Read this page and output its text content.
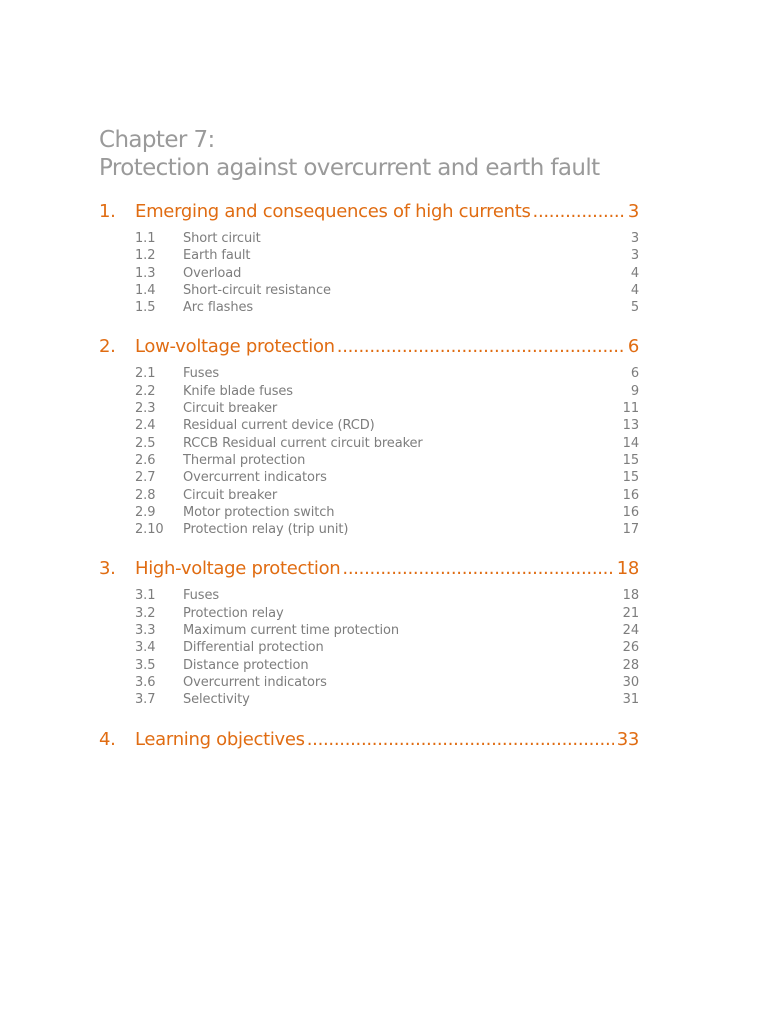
Chapter 7:
Protection against overcurrent and earth fault
1.	Emerging and consequences of high currents .....	3
1.1	Short circuit	3
1.2	Earth fault	3
1.3	Overload	4
1.4	Short-circuit resistance	4
1.5	Arc flashes	5
2.	Low-voltage protection .....	6
2.1	Fuses	6
2.2	Knife blade fuses	9
2.3	Circuit breaker	11
2.4	Residual current device (RCD)	13
2.5	RCCB Residual current circuit breaker	14
2.6	Thermal protection	15
2.7	Overcurrent indicators	15
2.8	Circuit breaker	16
2.9	Motor protection switch	16
2.10	Protection relay (trip unit)	17
3.	High-voltage protection .....	18
3.1	Fuses	18
3.2	Protection relay	21
3.3	Maximum current time protection	24
3.4	Differential protection	26
3.5	Distance protection	28
3.6	Overcurrent indicators	30
3.7	Selectivity	31
4.	Learning objectives .....	33
